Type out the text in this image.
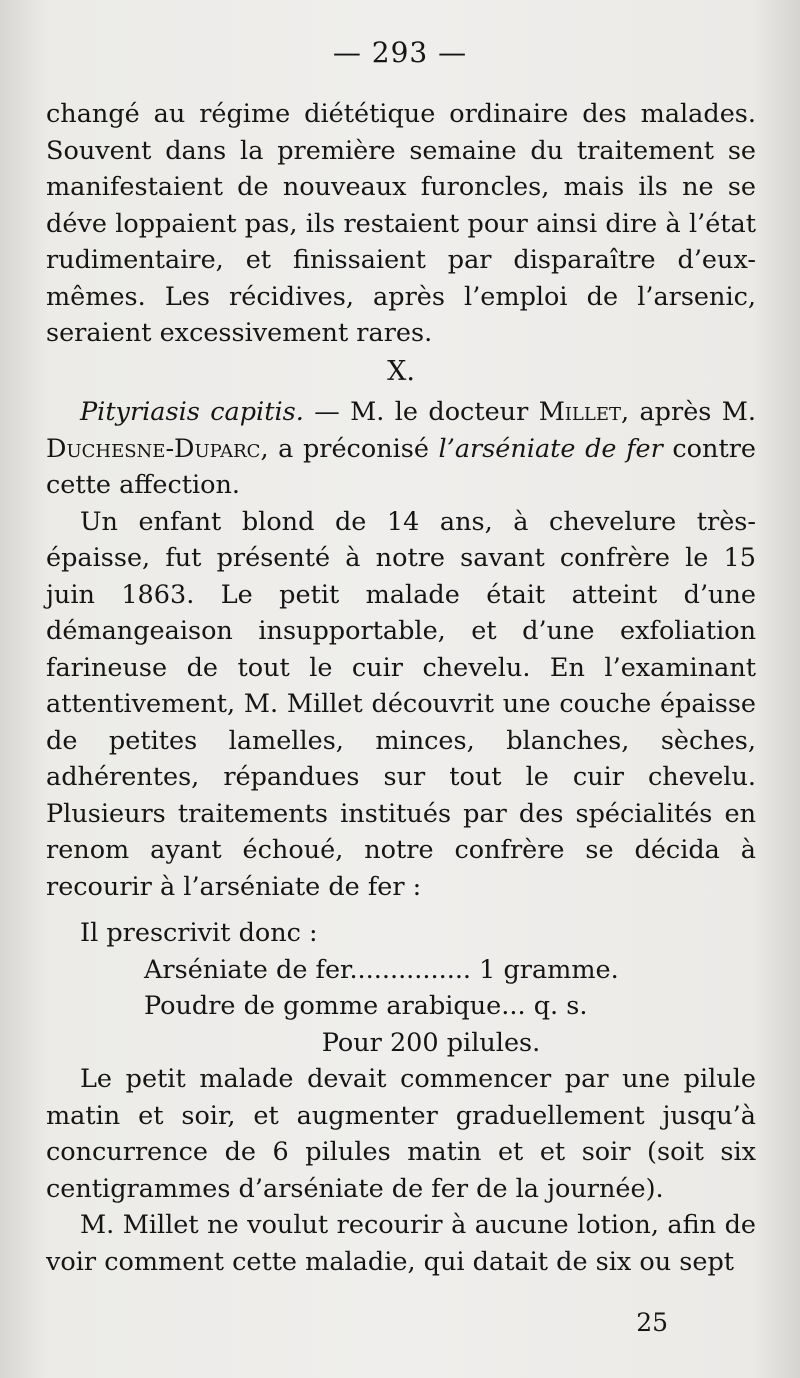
— 293 —

changé au régime diététique ordinaire des malades. Souvent dans la première semaine du traitement se manifestaient de nouveaux furoncles, mais ils ne se déve loppaient pas, ils restaient pour ainsi dire à l’état rudimentaire, et finissaient par disparaître d’eux-mêmes. Les récidives, après l’emploi de l’arsenic, seraient excessivement rares.

X.

Pityriasis capitis. — M. le docteur Millet, après M. Duchesne-Duparc, a préconisé l’arséniate de fer contre cette affection.

Un enfant blond de 14 ans, à chevelure très-épaisse, fut présenté à notre savant confrère le 15 juin 1863. Le petit malade était atteint d’une démangeaison insupportable, et d’une exfoliation farineuse de tout le cuir chevelu. En l’examinant attentivement, M. Millet découvrit une couche épaisse de petites lamelles, minces, blanches, sèches, adhérentes, répandues sur tout le cuir chevelu. Plusieurs traitements institués par des spécialités en renom ayant échoué, notre confrère se décida à recourir à l’arséniate de fer :

Il prescrivit donc :

Arséniate de fer............... 1 gramme.
Poudre de gomme arabique... q. s.
Pour 200 pilules.

Le petit malade devait commencer par une pilule matin et soir, et augmenter graduellement jusqu’à concurrence de 6 pilules matin et et soir (soit six centigrammes d’arséniate de fer de la journée).

M. Millet ne voulut recourir à aucune lotion, afin de voir comment cette maladie, qui datait de six ou sept

25
